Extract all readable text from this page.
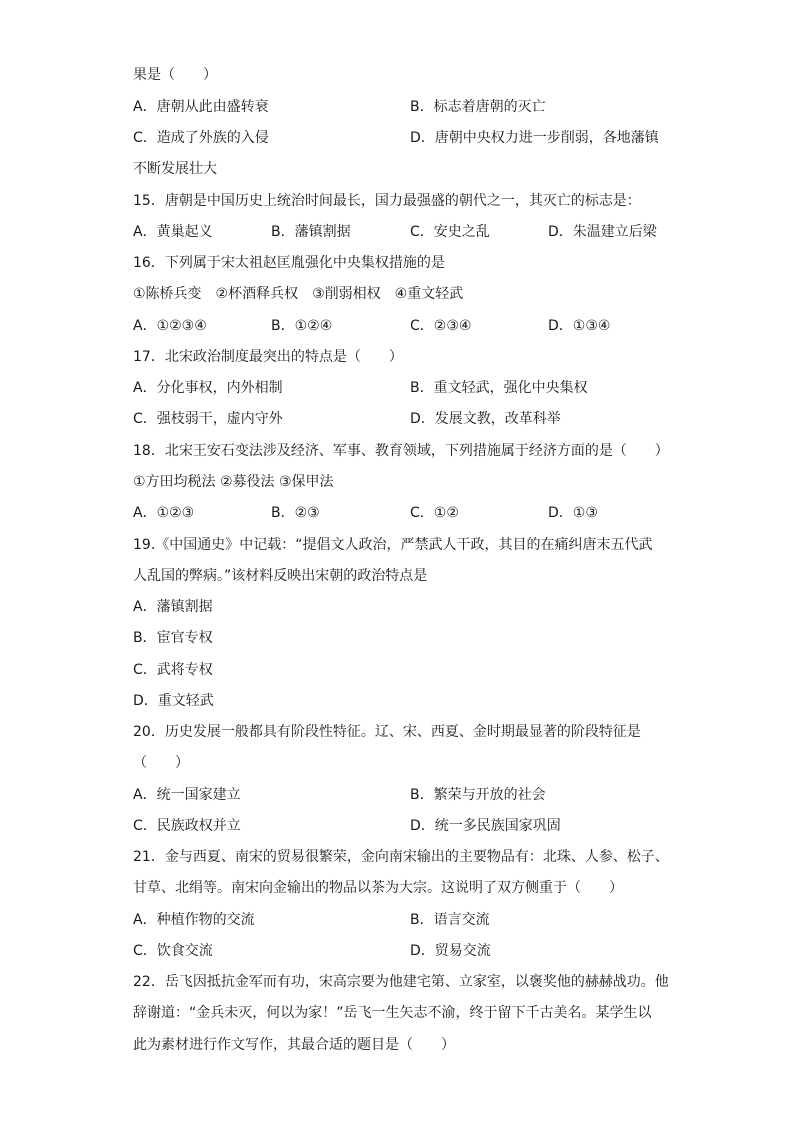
果是（　　）
A．唐朝从此由盛转衰	B．标志着唐朝的灭亡
C．造成了外族的入侵	D．唐朝中央权力进一步削弱，各地藩镇
不断发展壮大
15．唐朝是中国历史上统治时间最长，国力最强盛的朝代之一，其灭亡的标志是：
A．黄巢起义	B．藩镇割据	C．安史之乱	D．朱温建立后梁
16．下列属于宋太祖赵匡胤强化中央集权措施的是
①陈桥兵变　②杯酒释兵权　③削弱相权　④重文轻武
A．①②③④	B．①②④	C．②③④	D．①③④
17．北宋政治制度最突出的特点是（　　）
A．分化事权，内外相制	B．重文轻武，强化中央集权
C．强枝弱干，虚内守外	D．发展文教，改革科举
18．北宋王安石变法涉及经济、军事、教育领域，下列措施属于经济方面的是（　　）
①方田均税法 ②募役法 ③保甲法
A．①②③	B．②③	C．①②	D．①③
19.《中国通史》中记载：“提倡文人政治，严禁武人干政，其目的在痛纠唐末五代武
人乱国的弊病。”该材料反映出宋朝的政治特点是
A．藩镇割据
B．宦官专权
C．武将专权
D．重文轻武
20．历史发展一般都具有阶段性特征。辽、宋、西夏、金时期最显著的阶段特征是
（　　）
A．统一国家建立	B．繁荣与开放的社会
C．民族政权并立	D．统一多民族国家巩固
21．金与西夏、南宋的贸易很繁荣，金向南宋输出的主要物品有：北珠、人参、松子、
甘草、北绢等。南宋向金输出的物品以茶为大宗。这说明了双方侧重于（　　）
A．种植作物的交流	B．语言交流
C．饮食交流	D．贸易交流
22．岳飞因抵抗金军而有功，宋高宗要为他建宅第、立家室，以褒奖他的赫赫战功。他
辞谢道：“金兵未灭，何以为家！”岳飞一生矢志不渝，终于留下千古美名。某学生以
此为素材进行作文写作，其最合适的题目是（　　）
